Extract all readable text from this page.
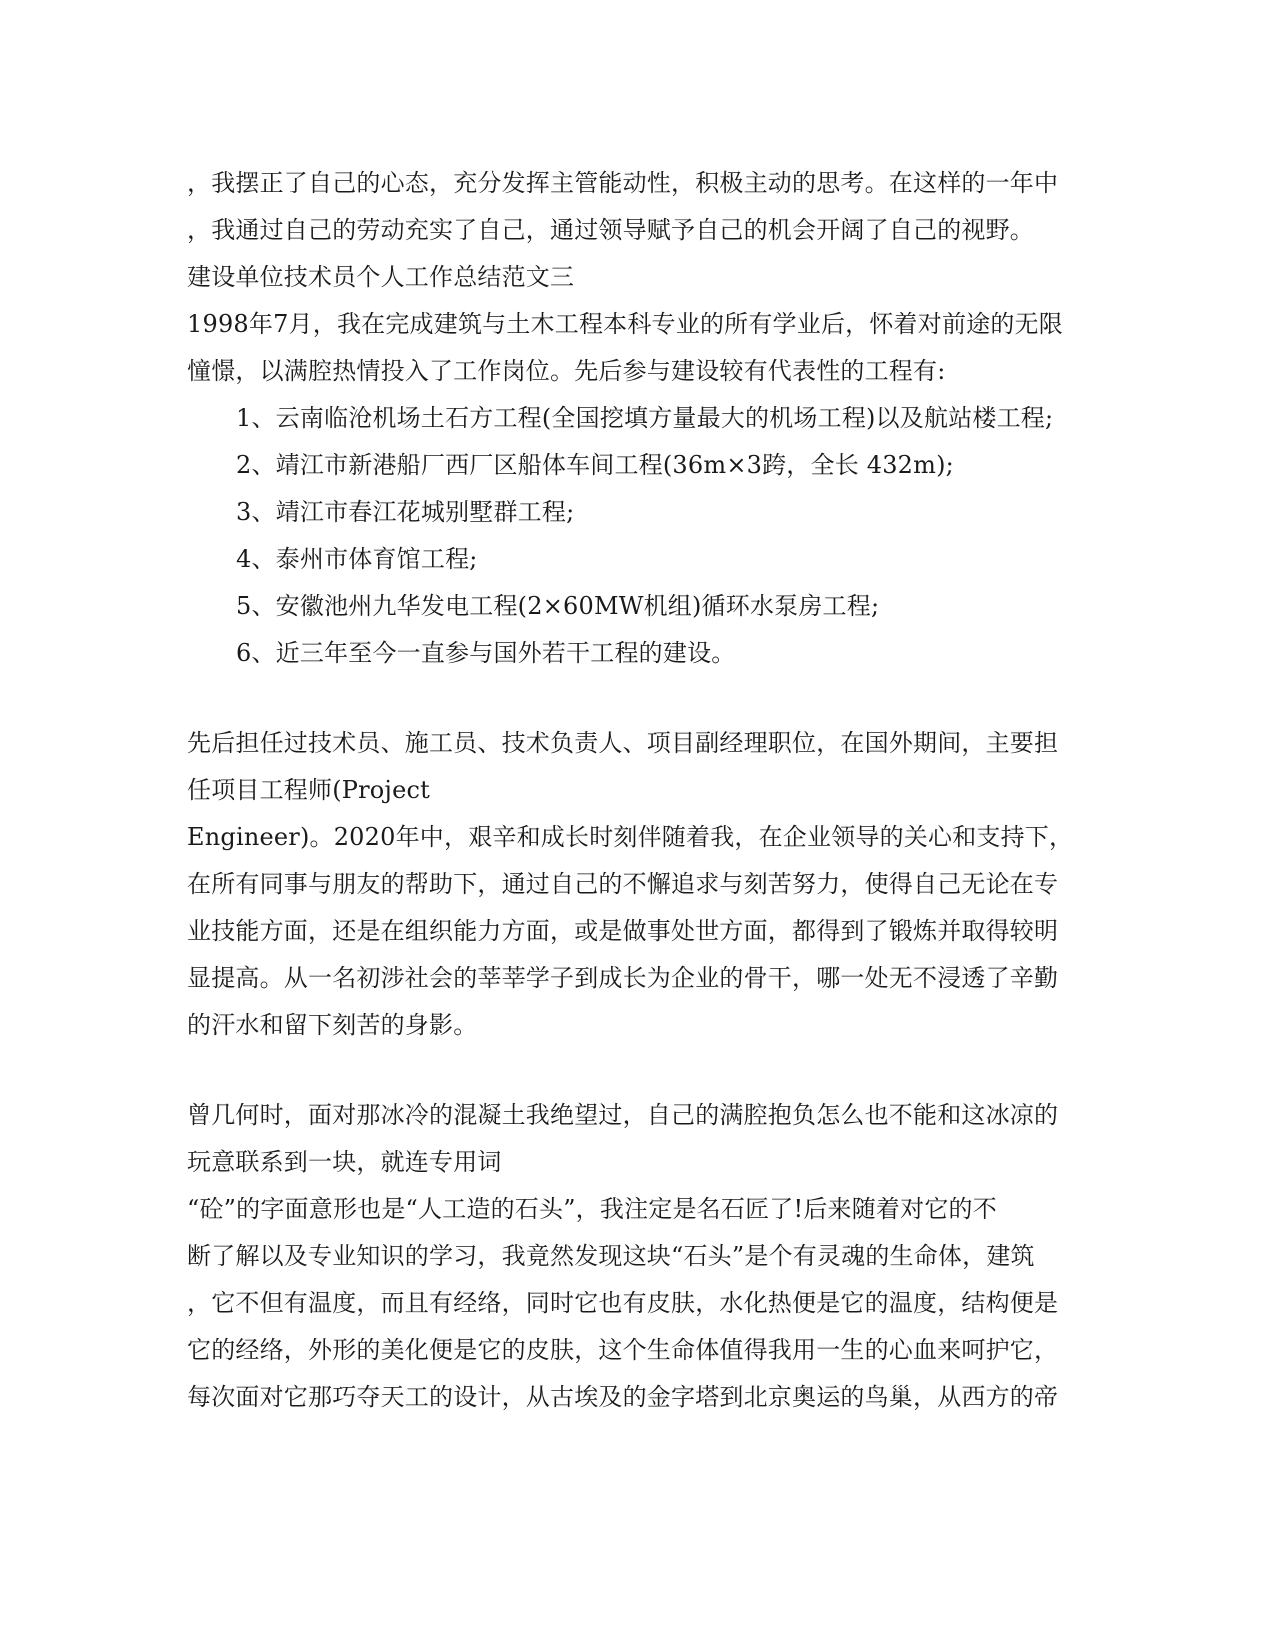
，我摆正了自己的心态，充分发挥主管能动性，积极主动的思考。在这样的一年中
，我通过自己的劳动充实了自己，通过领导赋予自己的机会开阔了自己的视野。
建设单位技术员个人工作总结范文三
1998年7月，我在完成建筑与土木工程本科专业的所有学业后，怀着对前途的无限
憧憬，以满腔热情投入了工作岗位。先后参与建设较有代表性的工程有:
1、云南临沧机场土石方工程(全国挖填方量最大的机场工程)以及航站楼工程;
2、靖江市新港船厂西厂区船体车间工程(36m×3跨，全长 432m);
3、靖江市春江花城别墅群工程;
4、泰州市体育馆工程;
5、安徽池州九华发电工程(2×60MW机组)循环水泵房工程;
6、近三年至今一直参与国外若干工程的建设。
先后担任过技术员、施工员、技术负责人、项目副经理职位，在国外期间，主要担
任项目工程师(Project
Engineer)。2020年中，艰辛和成长时刻伴随着我，在企业领导的关心和支持下，
在所有同事与朋友的帮助下，通过自己的不懈追求与刻苦努力，使得自己无论在专
业技能方面，还是在组织能力方面，或是做事处世方面，都得到了锻炼并取得较明
显提高。从一名初涉社会的莘莘学子到成长为企业的骨干，哪一处无不浸透了辛勤
的汗水和留下刻苦的身影。
曾几何时，面对那冰冷的混凝土我绝望过，自己的满腔抱负怎么也不能和这冰凉的
玩意联系到一块，就连专用词
“砼”的字面意形也是“人工造的石头”，我注定是名石匠了!后来随着对它的不
断了解以及专业知识的学习，我竟然发现这块“石头”是个有灵魂的生命体，建筑
，它不但有温度，而且有经络，同时它也有皮肤，水化热便是它的温度，结构便是
它的经络，外形的美化便是它的皮肤，这个生命体值得我用一生的心血来呵护它，
每次面对它那巧夺天工的设计，从古埃及的金字塔到北京奥运的鸟巢，从西方的帝
